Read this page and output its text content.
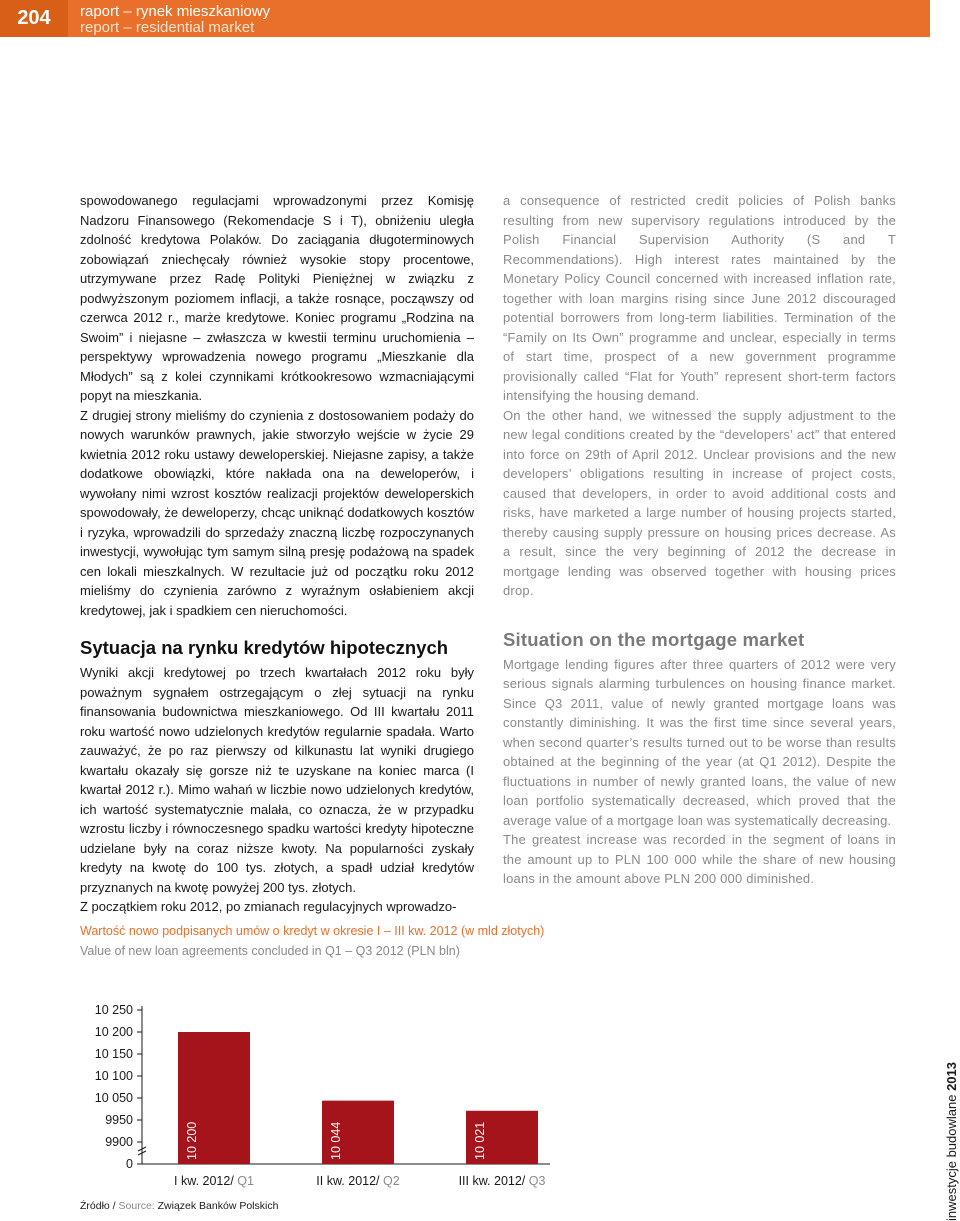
204	raport – rynek mieszkaniowy
report – residential market

spowodowanego regulacjami wprowadzonymi przez Komisję Nadzoru Finansowego (Rekomendacje S i T), obniżeniu uległa zdolność kredytowa Polaków. Do zaciągania długoterminowych zobowiązań zniechęcały również wysokie stopy procentowe, utrzymywane przez Radę Polityki Pieniężnej w związku z podwyższonym poziomem inflacji, a także rosnące, począwszy od czerwca 2012 r., marże kredytowe. Koniec programu „Rodzina na Swoim” i niejasne – zwłaszcza w kwestii terminu uruchomienia – perspektywy wprowadzenia nowego programu „Mieszkanie dla Młodych” są z kolei czynnikami krótkookresowo wzmacniającymi popyt na mieszkania.

Z drugiej strony mieliśmy do czynienia z dostosowaniem podaży do nowych warunków prawnych, jakie stworzyło wejście w życie 29 kwietnia 2012 roku ustawy deweloperskiej. Niejasne zapisy, a także dodatkowe obowiązki, które nakłada ona na deweloperów, i wywołany nimi wzrost kosztów realizacji projektów deweloperskich spowodowały, że deweloperzy, chcąc uniknąć dodatkowych kosztów i ryzyka, wprowadzili do sprzedaży znaczną liczbę rozpoczynanych inwestycji, wywołując tym samym silną presję podażową na spadek cen lokali mieszkalnych. W rezultacie już od początku roku 2012 mieliśmy do czynienia zarówno z wyraźnym osłabieniem akcji kredytowej, jak i spadkiem cen nieruchomości.

Sytuacja na rynku kredytów hipotecznych

Wyniki akcji kredytowej po trzech kwartałach 2012 roku były poważnym sygnałem ostrzegającym o złej sytuacji na rynku finansowania budownictwa mieszkaniowego. Od III kwartału 2011 roku wartość nowo udzielonych kredytów regularnie spadała. Warto zauważyć, że po raz pierwszy od kilkunastu lat wyniki drugiego kwartału okazały się gorsze niż te uzyskane na koniec marca (I kwartał 2012 r.). Mimo wahań w liczbie nowo udzielonych kredytów, ich wartość systematycznie malała, co oznacza, że w przypadku wzrostu liczby i równoczesnego spadku wartości kredyty hipoteczne udzielane były na coraz niższe kwoty. Na popularności zyskały kredyty na kwotę do 100 tys. złotych, a spadł udział kredytów przyznanych na kwotę powyżej 200 tys. złotych.

Z początkiem roku 2012, po zmianach regulacyjnych wprowadzo-

a consequence of restricted credit policies of Polish banks resulting from new supervisory regulations introduced by the Polish Financial Supervision Authority (S and T Recommendations). High interest rates maintained by the Monetary Policy Council concerned with increased inflation rate, together with loan margins rising since June 2012 discouraged potential borrowers from long-term liabilities. Termination of the “Family on Its Own” programme and unclear, especially in terms of start time, prospect of a new government programme provisionally called “Flat for Youth” represent short-term factors intensifying the housing demand.

On the other hand, we witnessed the supply adjustment to the new legal conditions created by the “developers’ act” that entered into force on 29th of April 2012. Unclear provisions and the new developers’ obligations resulting in increase of project costs, caused that developers, in order to avoid additional costs and risks, have marketed a large number of housing projects started, thereby causing supply pressure on housing prices decrease. As a result, since the very beginning of 2012 the decrease in mortgage lending was observed together with housing prices drop.

Situation on the mortgage market

Mortgage lending figures after three quarters of 2012 were very serious signals alarming turbulences on housing finance market. Since Q3 2011, value of newly granted mortgage loans was constantly diminishing. It was the first time since several years, when second quarter’s results turned out to be worse than results obtained at the beginning of the year (at Q1 2012). Despite the fluctuations in number of newly granted loans, the value of new loan portfolio systematically decreased, which proved that the average value of a mortgage loan was systematically decreasing.

The greatest increase was recorded in the segment of loans in the amount up to PLN 100 000 while the share of new housing loans in the amount above PLN 200 000 diminished.

Wartość nowo podpisanych umów o kredyt w okresie I – III kw. 2012 (w mld złotych)
Value of new loan agreements concluded in Q1 – Q3 2012 (PLN bln)
10 250
10 200
10 150
10 100
10 050
9950
9900
0
10 200
I kw. 2012/ Q1
10 044
II kw. 2012/ Q2
10 021
III kw. 2012/ Q3
Źródło / Source: Związek Banków Polskich	inwestycje budowlane 2013
